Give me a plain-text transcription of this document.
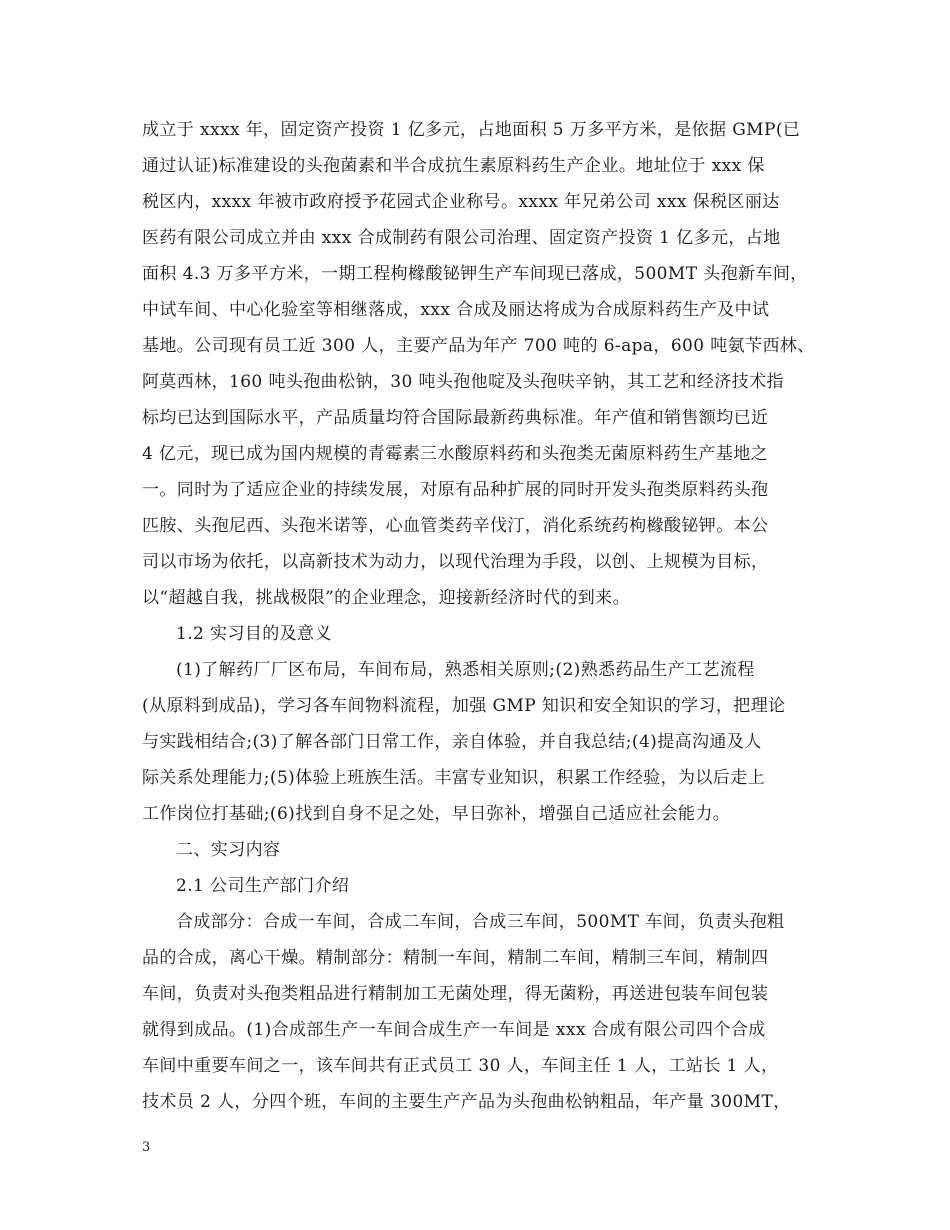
成立于 xxxx 年，固定资产投资 1 亿多元，占地面积 5 万多平方米，是依据 GMP(已
通过认证)标准建设的头孢菌素和半合成抗生素原料药生产企业。地址位于 xxx 保
税区内，xxxx 年被市政府授予花园式企业称号。xxxx 年兄弟公司 xxx 保税区丽达
医药有限公司成立并由 xxx 合成制药有限公司治理、固定资产投资 1 亿多元，占地
面积 4.3 万多平方米，一期工程枸橼酸铋钾生产车间现已落成，500MT 头孢新车间，
中试车间、中心化验室等相继落成，xxx 合成及丽达将成为合成原料药生产及中试
基地。公司现有员工近 300 人，主要产品为年产 700 吨的 6-apa，600 吨氨苄西林、
阿莫西林，160 吨头孢曲松钠，30 吨头孢他啶及头孢呋辛钠，其工艺和经济技术指
标均已达到国际水平，产品质量均符合国际最新药典标准。年产值和销售额均已近
4 亿元，现已成为国内规模的青霉素三水酸原料药和头孢类无菌原料药生产基地之
一。同时为了适应企业的持续发展，对原有品种扩展的同时开发头孢类原料药头孢
匹胺、头孢尼西、头孢米诺等，心血管类药辛伐汀，消化系统药枸橼酸铋钾。本公
司以市场为依托，以高新技术为动力，以现代治理为手段，以创、上规模为目标，
以“超越自我，挑战极限”的企业理念，迎接新经济时代的到来。
1.2 实习目的及意义
(1)了解药厂厂区布局，车间布局，熟悉相关原则;(2)熟悉药品生产工艺流程
(从原料到成品)，学习各车间物料流程，加强 GMP 知识和安全知识的学习，把理论
与实践相结合;(3)了解各部门日常工作，亲自体验，并自我总结;(4)提高沟通及人
际关系处理能力;(5)体验上班族生活。丰富专业知识，积累工作经验，为以后走上
工作岗位打基础;(6)找到自身不足之处，早日弥补，增强自己适应社会能力。
二、实习内容
2.1 公司生产部门介绍
合成部分：合成一车间，合成二车间，合成三车间，500MT 车间，负责头孢粗
品的合成，离心干燥。精制部分：精制一车间，精制二车间，精制三车间，精制四
车间，负责对头孢类粗品进行精制加工无菌处理，得无菌粉，再送进包装车间包装
就得到成品。(1)合成部生产一车间合成生产一车间是 xxx 合成有限公司四个合成
车间中重要车间之一，该车间共有正式员工 30 人，车间主任 1 人，工站长 1 人，
技术员 2 人，分四个班，车间的主要生产产品为头孢曲松钠粗品，年产量 300MT，
3
